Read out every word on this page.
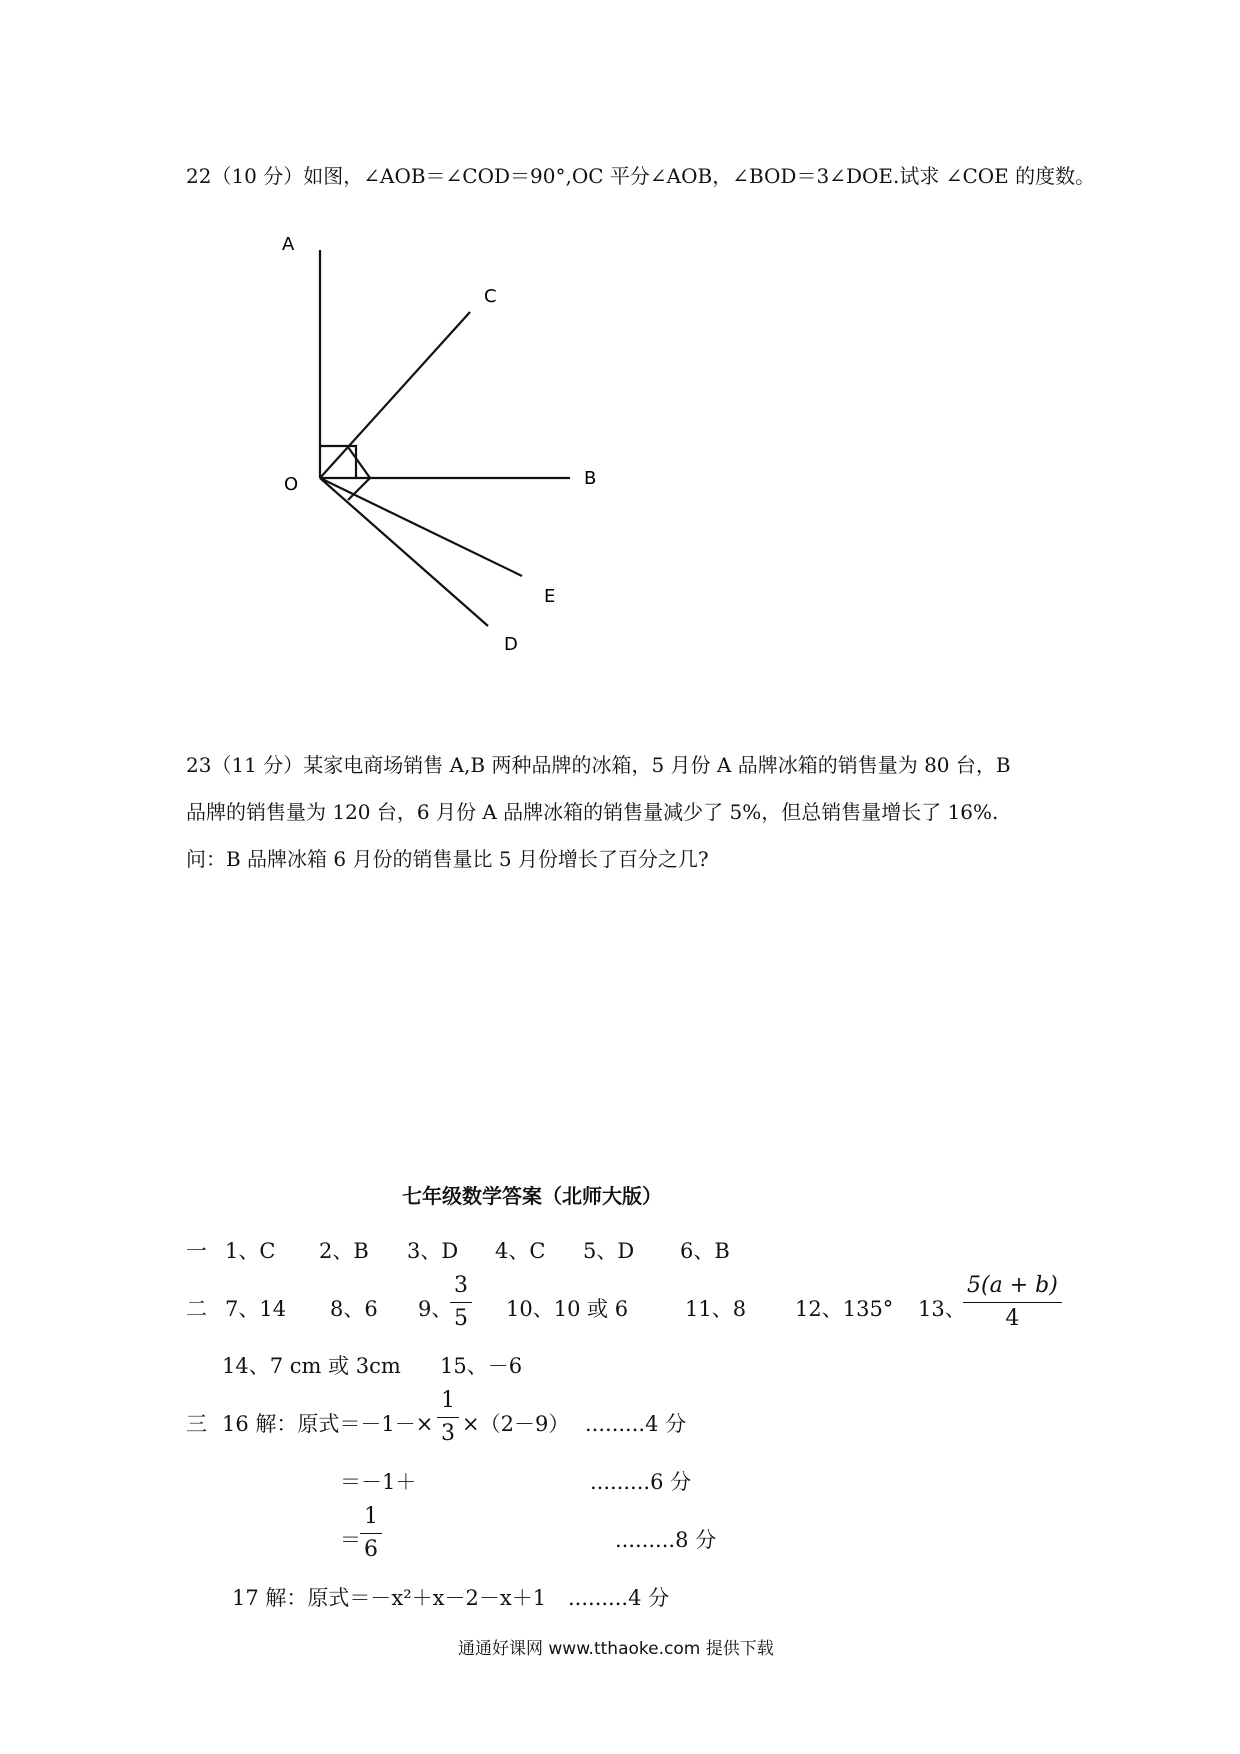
22（10 分）如图，∠AOB＝∠COD＝90°,OC 平分∠AOB，∠BOD＝3∠DOE.试求 ∠COE 的度数。
A
C
O	B
E
D
23（11 分）某家电商场销售 A,B 两种品牌的冰箱，5 月份 A 品牌冰箱的销售量为 80 台，B
品牌的销售量为 120 台，6 月份 A 品牌冰箱的销售量减少了 5%，但总销售量增长了 16%.
问：B 品牌冰箱 6 月份的销售量比 5 月份增长了百分之几?
七年级数学答案（北师大版）
一 1、C 2、B 3、D 4、C 5、D 6、B
二 7、14 8、6 9、
$\frac{3}{5} 10$、10 或 6	11、8 12、135° 13、
$\frac{5(a + b)}{4}$
14、7 cm 或 3cm 15、－6
三 16 解：原式$=-1-\times \frac{1}{3} \times(2-9)$ .........4 分
＝－1＋	.........6 分
＝ $\frac{1}{6}$	.........8 分
17 解：原式＝－x²＋x－2－x＋1 .........4 分
通通好课网 www.tthaoke.com 提供下载
